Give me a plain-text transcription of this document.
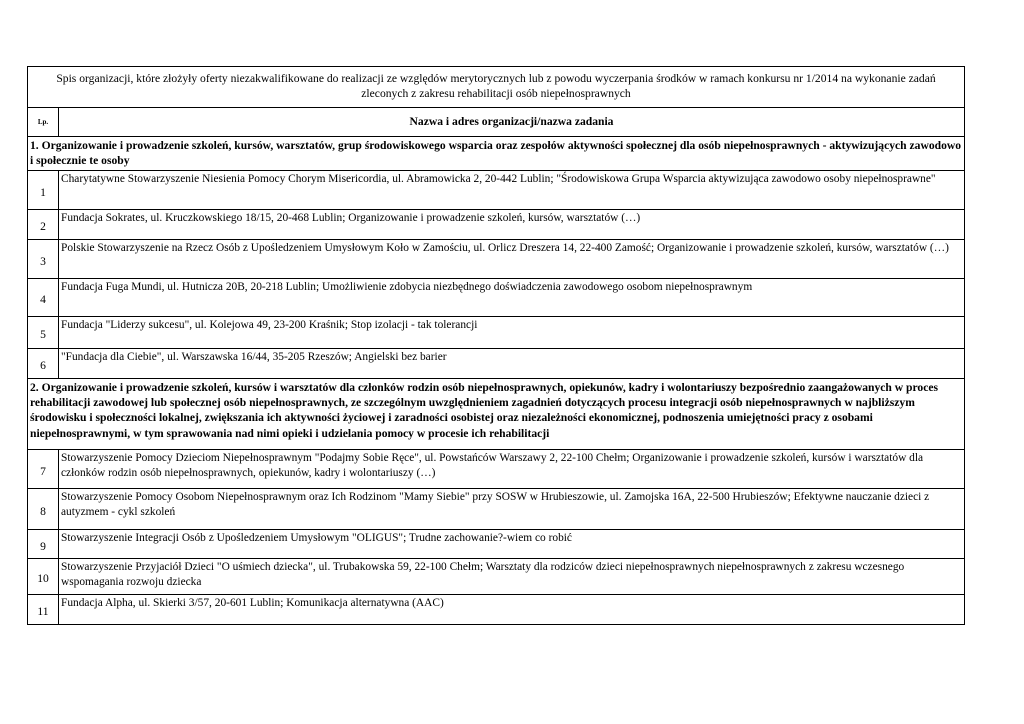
Spis organizacji, które złożyły oferty niezakwalifikowane do realizacji ze względów merytorycznych lub z powodu wyczerpania środków w ramach konkursu nr 1/2014 na wykonanie zadań zleconych z zakresu rehabilitacji osób niepełnosprawnych	
Lp.	Nazwa i adres organizacji/nazwa zadania
1. Organizowanie i prowadzenie szkoleń, kursów, warsztatów, grup środowiskowego wsparcia oraz zespołów aktywności społecznej dla osób niepełnosprawnych - aktywizujących zawodowo i społecznie te osoby	
1	Charytatywne Stowarzyszenie Niesienia Pomocy Chorym Misericordia, ul. Abramowicka 2, 20-442 Lublin; "Środowiskowa Grupa Wsparcia aktywizująca zawodowo osoby niepełnosprawne"
2	Fundacja Sokrates, ul. Kruczkowskiego 18/15, 20-468 Lublin; Organizowanie i prowadzenie szkoleń, kursów, warsztatów (…)
3	Polskie Stowarzyszenie na Rzecz Osób z Upośledzeniem Umysłowym Koło w Zamościu, ul. Orlicz Dreszera 14, 22-400 Zamość; Organizowanie i prowadzenie szkoleń, kursów, warsztatów (…)
4	Fundacja Fuga Mundi, ul. Hutnicza 20B, 20-218 Lublin; Umożliwienie zdobycia niezbędnego doświadczenia zawodowego osobom niepełnosprawnym
5	Fundacja "Liderzy sukcesu", ul. Kolejowa 49, 23-200 Kraśnik; Stop izolacji - tak tolerancji
6	"Fundacja dla Ciebie", ul. Warszawska 16/44, 35-205 Rzeszów; Angielski bez barier
2. Organizowanie i prowadzenie szkoleń, kursów i warsztatów dla członków rodzin osób niepełnosprawnych, opiekunów, kadry i wolontariuszy bezpośrednio zaangażowanych w proces rehabilitacji zawodowej lub społecznej osób niepełnosprawnych, ze szczególnym uwzględnieniem zagadnień dotyczących procesu integracji osób niepełnosprawnych w najbliższym środowisku i społeczności lokalnej, zwiększania ich aktywności życiowej i zaradności osobistej oraz niezależności ekonomicznej, podnoszenia umiejętności pracy z osobami niepełnosprawnymi, w tym sprawowania nad nimi opieki i udzielania pomocy w procesie ich rehabilitacji	
7	Stowarzyszenie Pomocy Dzieciom Niepełnosprawnym "Podajmy Sobie Ręce", ul. Powstańców Warszawy 2, 22-100 Chełm; Organizowanie i prowadzenie szkoleń, kursów i warsztatów dla członków rodzin osób niepełnosprawnych, opiekunów, kadry i wolontariuszy (…)
8	Stowarzyszenie Pomocy Osobom Niepełnosprawnym oraz Ich Rodzinom "Mamy Siebie" przy SOSW w Hrubieszowie, ul. Zamojska 16A, 22-500 Hrubieszów; Efektywne nauczanie dzieci z autyzmem - cykl szkoleń
9	Stowarzyszenie Integracji Osób z Upośledzeniem Umysłowym "OLIGUS"; Trudne zachowanie?-wiem co robić
10	Stowarzyszenie Przyjaciół Dzieci "O uśmiech dziecka", ul. Trubakowska 59, 22-100 Chełm; Warsztaty dla rodziców dzieci niepełnosprawnych niepełnosprawnych z zakresu wczesnego wspomagania rozwoju dziecka
11	Fundacja Alpha, ul. Skierki 3/57, 20-601 Lublin; Komunikacja alternatywna (AAC)
